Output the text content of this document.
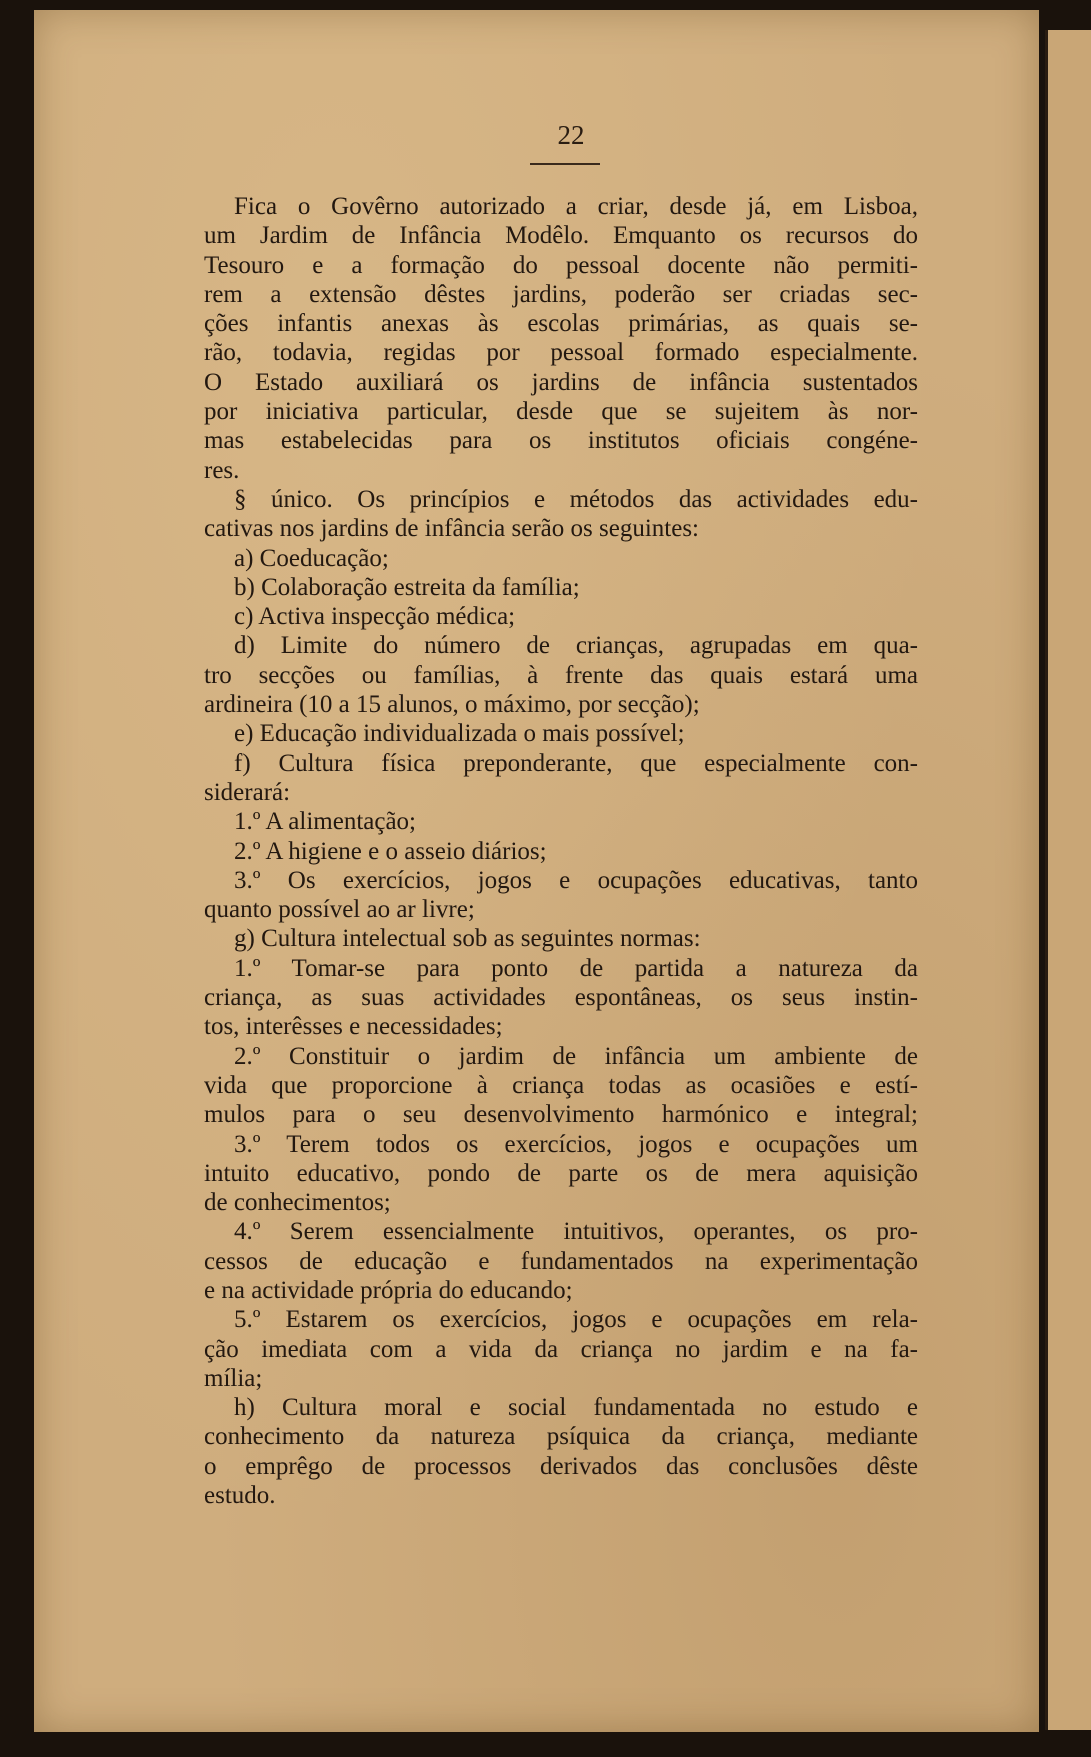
22
Fica o Govêrno autorizado a criar, desde já, em Lisboa,
um Jardim de Infância Modêlo. Emquanto os recursos do
Tesouro e a formação do pessoal docente não permiti-
rem a extensão dêstes jardins, poderão ser criadas sec-
ções infantis anexas às escolas primárias, as quais se-
rão, todavia, regidas por pessoal formado especialmente.
O Estado auxiliará os jardins de infância sustentados
por iniciativa particular, desde que se sujeitem às nor-
mas estabelecidas para os institutos oficiais congéne-
res.
§ único. Os princípios e métodos das actividades edu-
cativas nos jardins de infância serão os seguintes:
a) Coeducação;
b) Colaboração estreita da família;
c) Activa inspecção médica;
d) Limite do número de crianças, agrupadas em qua-
tro secções ou famílias, à frente das quais estará uma
ardineira (10 a 15 alunos, o máximo, por secção);
e) Educação individualizada o mais possível;
f) Cultura física preponderante, que especialmente con-
siderará:
1.º A alimentação;
2.º A higiene e o asseio diários;
3.º Os exercícios, jogos e ocupações educativas, tanto
quanto possível ao ar livre;
g) Cultura intelectual sob as seguintes normas:
1.º Tomar-se para ponto de partida a natureza da
criança, as suas actividades espontâneas, os seus instin-
tos, interêsses e necessidades;
2.º Constituir o jardim de infância um ambiente de
vida que proporcione à criança todas as ocasiões e estí-
mulos para o seu desenvolvimento harmónico e integral;
3.º Terem todos os exercícios, jogos e ocupações um
intuito educativo, pondo de parte os de mera aquisição
de conhecimentos;
4.º Serem essencialmente intuitivos, operantes, os pro-
cessos de educação e fundamentados na experimentação
e na actividade própria do educando;
5.º Estarem os exercícios, jogos e ocupações em rela-
ção imediata com a vida da criança no jardim e na fa-
mília;
h) Cultura moral e social fundamentada no estudo e
conhecimento da natureza psíquica da criança, mediante
o emprêgo de processos derivados das conclusões dêste
estudo.
